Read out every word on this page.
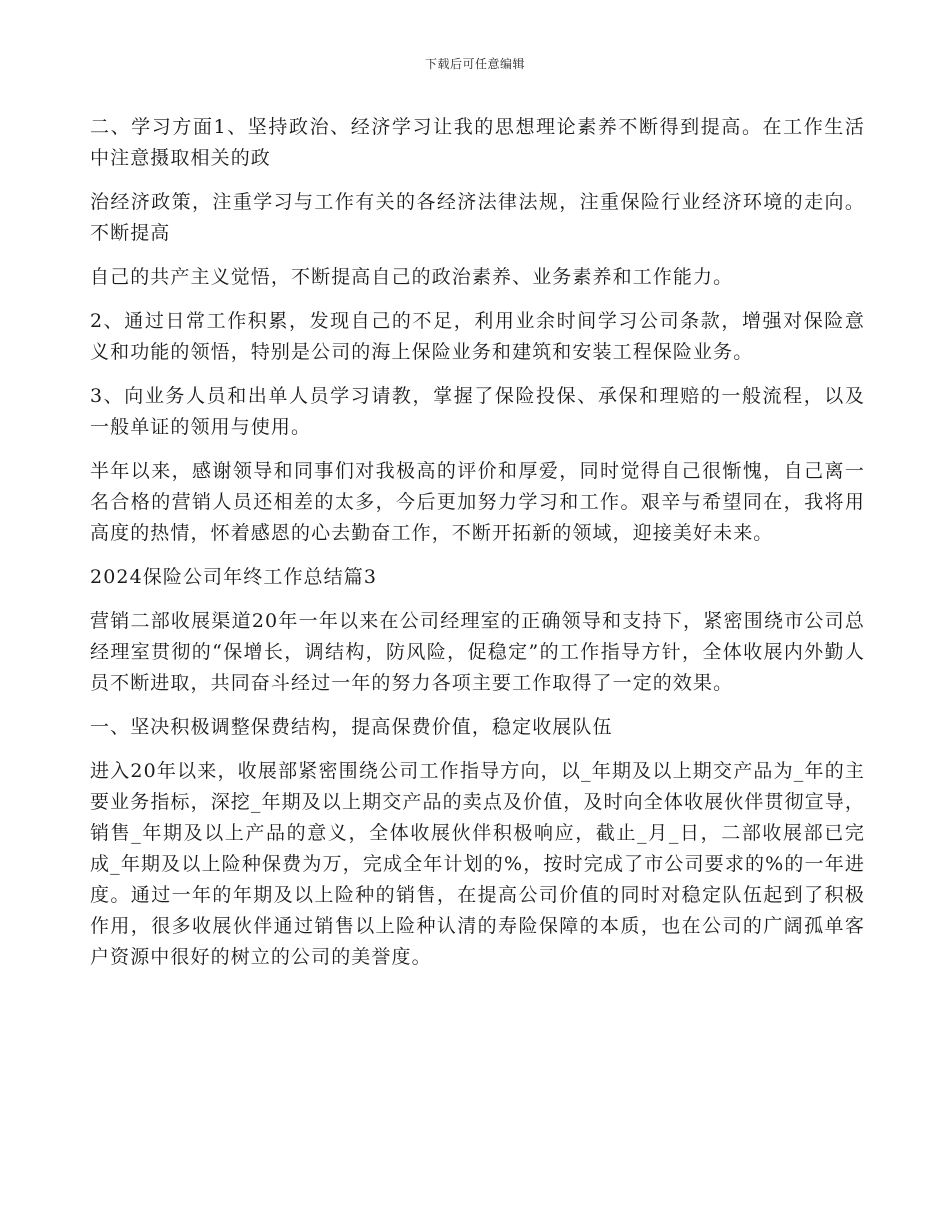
下载后可任意编辑

二、学习方面1、坚持政治、经济学习让我的思想理论素养不断得到提高。在工作生活中注意摄取相关的政

治经济政策，注重学习与工作有关的各经济法律法规，注重保险行业经济环境的走向。不断提高

自己的共产主义觉悟，不断提高自己的政治素养、业务素养和工作能力。

2、通过日常工作积累，发现自己的不足，利用业余时间学习公司条款，增强对保险意义和功能的领悟，特别是公司的海上保险业务和建筑和安装工程保险业务。

3、向业务人员和出单人员学习请教，掌握了保险投保、承保和理赔的一般流程，以及一般单证的领用与使用。

半年以来，感谢领导和同事们对我极高的评价和厚爱，同时觉得自己很惭愧，自己离一名合格的营销人员还相差的太多，今后更加努力学习和工作。艰辛与希望同在，我将用高度的热情，怀着感恩的心去勤奋工作，不断开拓新的领域，迎接美好未来。

2024保险公司年终工作总结篇3

营销二部收展渠道20年一年以来在公司经理室的正确领导和支持下，紧密围绕市公司总经理室贯彻的“保增长，调结构，防风险，促稳定”的工作指导方针，全体收展内外勤人员不断进取，共同奋斗经过一年的努力各项主要工作取得了一定的效果。

一、坚决积极调整保费结构，提高保费价值，稳定收展队伍

进入20年以来，收展部紧密围绕公司工作指导方向，以_年期及以上期交产品为_年的主要业务指标，深挖_年期及以上期交产品的卖点及价值，及时向全体收展伙伴贯彻宣导，销售_年期及以上产品的意义，全体收展伙伴积极响应，截止_月_日，二部收展部已完成_年期及以上险种保费为万，完成全年计划的%，按时完成了市公司要求的%的一年进度。通过一年的年期及以上险种的销售，在提高公司价值的同时对稳定队伍起到了积极作用，很多收展伙伴通过销售以上险种认清的寿险保障的本质，也在公司的广阔孤单客户资源中很好的树立的公司的美誉度。
